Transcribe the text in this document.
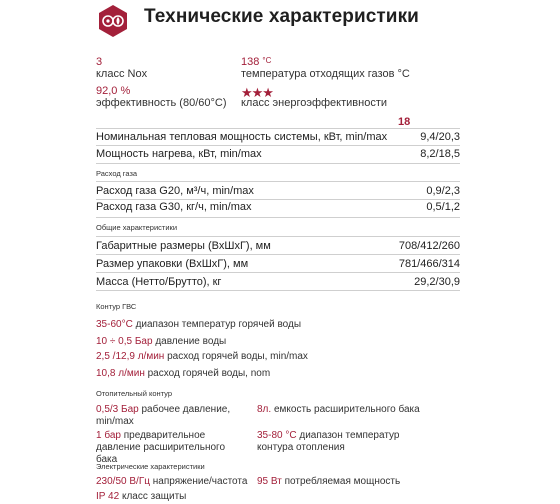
Технические характеристики
3
класс Nox
138 $^{^\circ C}$
температура отходящих газов °C
92,0 %
эффективность (80/60°C)
★★★
класс энергоэффективности
18
Номинальная тепловая мощность системы, кВт, min/max	9,4/20,3
Мощность нагрева, кВт, min/max	8,2/18,5
Расход газа
Расход газа G20, м³/ч, min/max	0,9/2,3
Расход газа G30, кг/ч, min/max	0,5/1,2
Общие характеристики
Габаритные размеры (ВхШхГ), мм	708/412/260
Размер упаковки (ВхШхГ), мм	781/466/314
Масса (Нетто/Брутто), кг	29,2/30,9
Контур ГВС
35-60°C диапазон температур горячей воды
10 ÷ 0,5 Бар давление воды
2,5 /12,9 л/мин расход горячей воды, min/max
10,8 л/мин расход горячей воды, nom
Отопительный контур
0,5/3 Бар рабочее давление, min/max
8л. емкость расширительного бака
1 бар предварительное давление расширительного бака
35-80 °C диапазон температур контура отопления
Электрические характеристики
230/50 В/Гц напряжение/частота 95 Вт потребляемая мощность
IP 42 класс защиты
